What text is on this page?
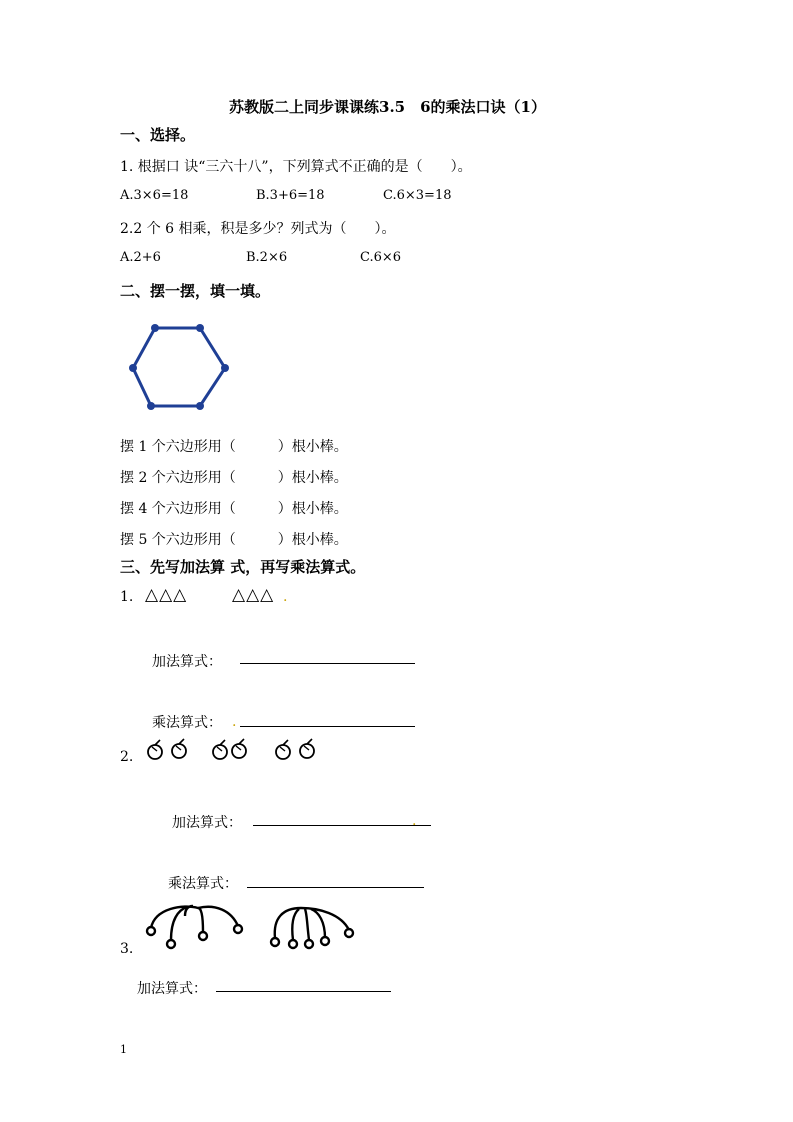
苏教版二上同步课课练3.5　6的乘法口诀（1）
一、选择。
1. 根据口 诀“三六十八”，下列算式不正确的是（　　）。
A.3×6=18	B.3+6=18	C.6×3=18
2.2 个 6 相乘，积是多少？列式为（　　）。
A.2+6	B.2×6	C.6×6
二、摆一摆，填一填。
摆 1 个六边形用（　　　）根小棒。
摆 2 个六边形用（　　　）根小棒。
摆 4 个六边形用（　　　）根小棒。
摆 5 个六边形用（　　　）根小棒。
三、先写加法算 式，再写乘法算式。
1. △△△	△△△ .
加法算式：
乘法算式： .
2.
加法算式：	.
乘法算式：
3.
加法算式：
1
